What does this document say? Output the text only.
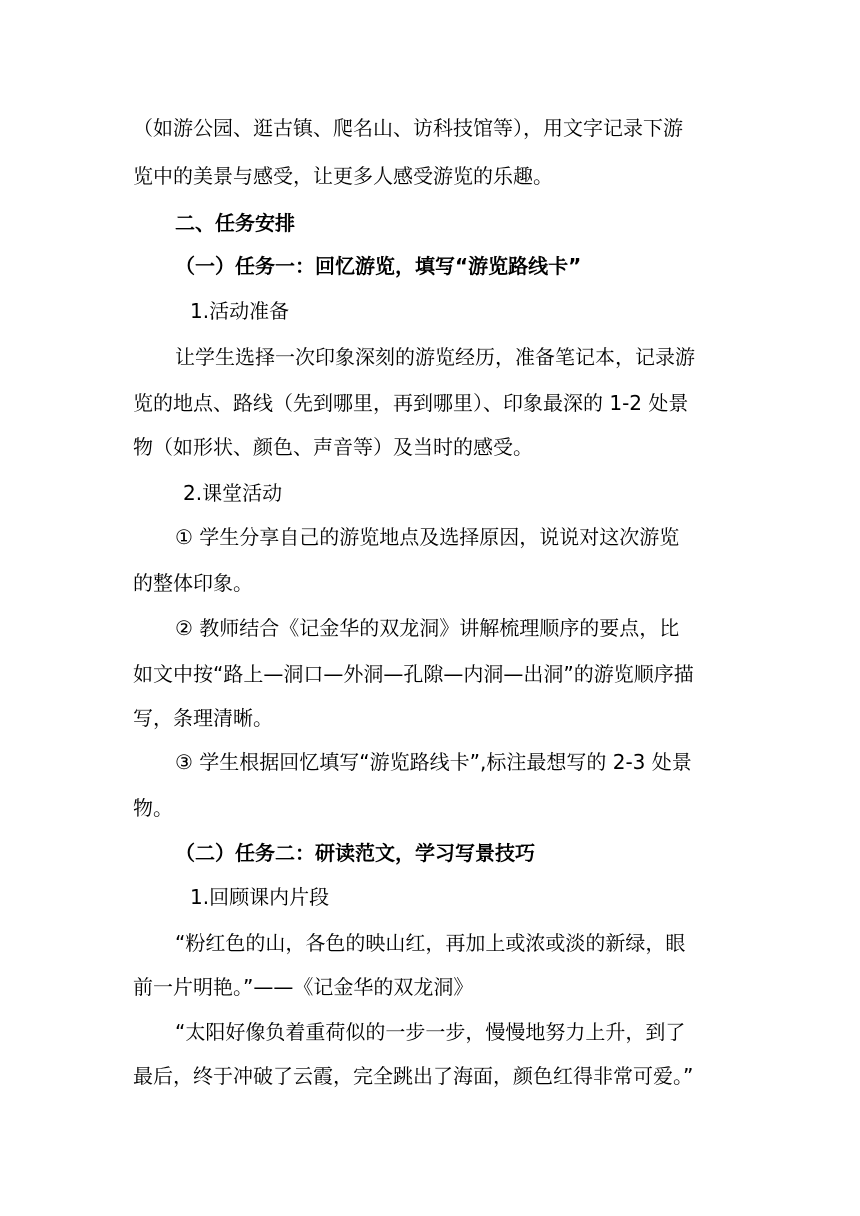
（如游公园、逛古镇、爬名山、访科技馆等），用文字记录下游
览中的美景与感受，让更多人感受游览的乐趣。
二、任务安排
（一）任务一：回忆游览，填写“游览路线卡”
1.活动准备
让学生选择一次印象深刻的游览经历，准备笔记本，记录游
览的地点、路线（先到哪里，再到哪里）、印象最深的 1-2 处景
物（如形状、颜色、声音等）及当时的感受。
2.课堂活动
① 学生分享自己的游览地点及选择原因，说说对这次游览
的整体印象。
② 教师结合《记金华的双龙洞》讲解梳理顺序的要点，比
如文中按“路上—洞口—外洞—孔隙—内洞—出洞”的游览顺序描
写，条理清晰。
③ 学生根据回忆填写“游览路线卡”,标注最想写的 2-3 处景
物。
（二）任务二：研读范文，学习写景技巧
1.回顾课内片段
“粉红色的山，各色的映山红，再加上或浓或淡的新绿，眼
前一片明艳。”——《记金华的双龙洞》
“太阳好像负着重荷似的一步一步，慢慢地努力上升，到了
最后，终于冲破了云霞，完全跳出了海面，颜色红得非常可爱。”
